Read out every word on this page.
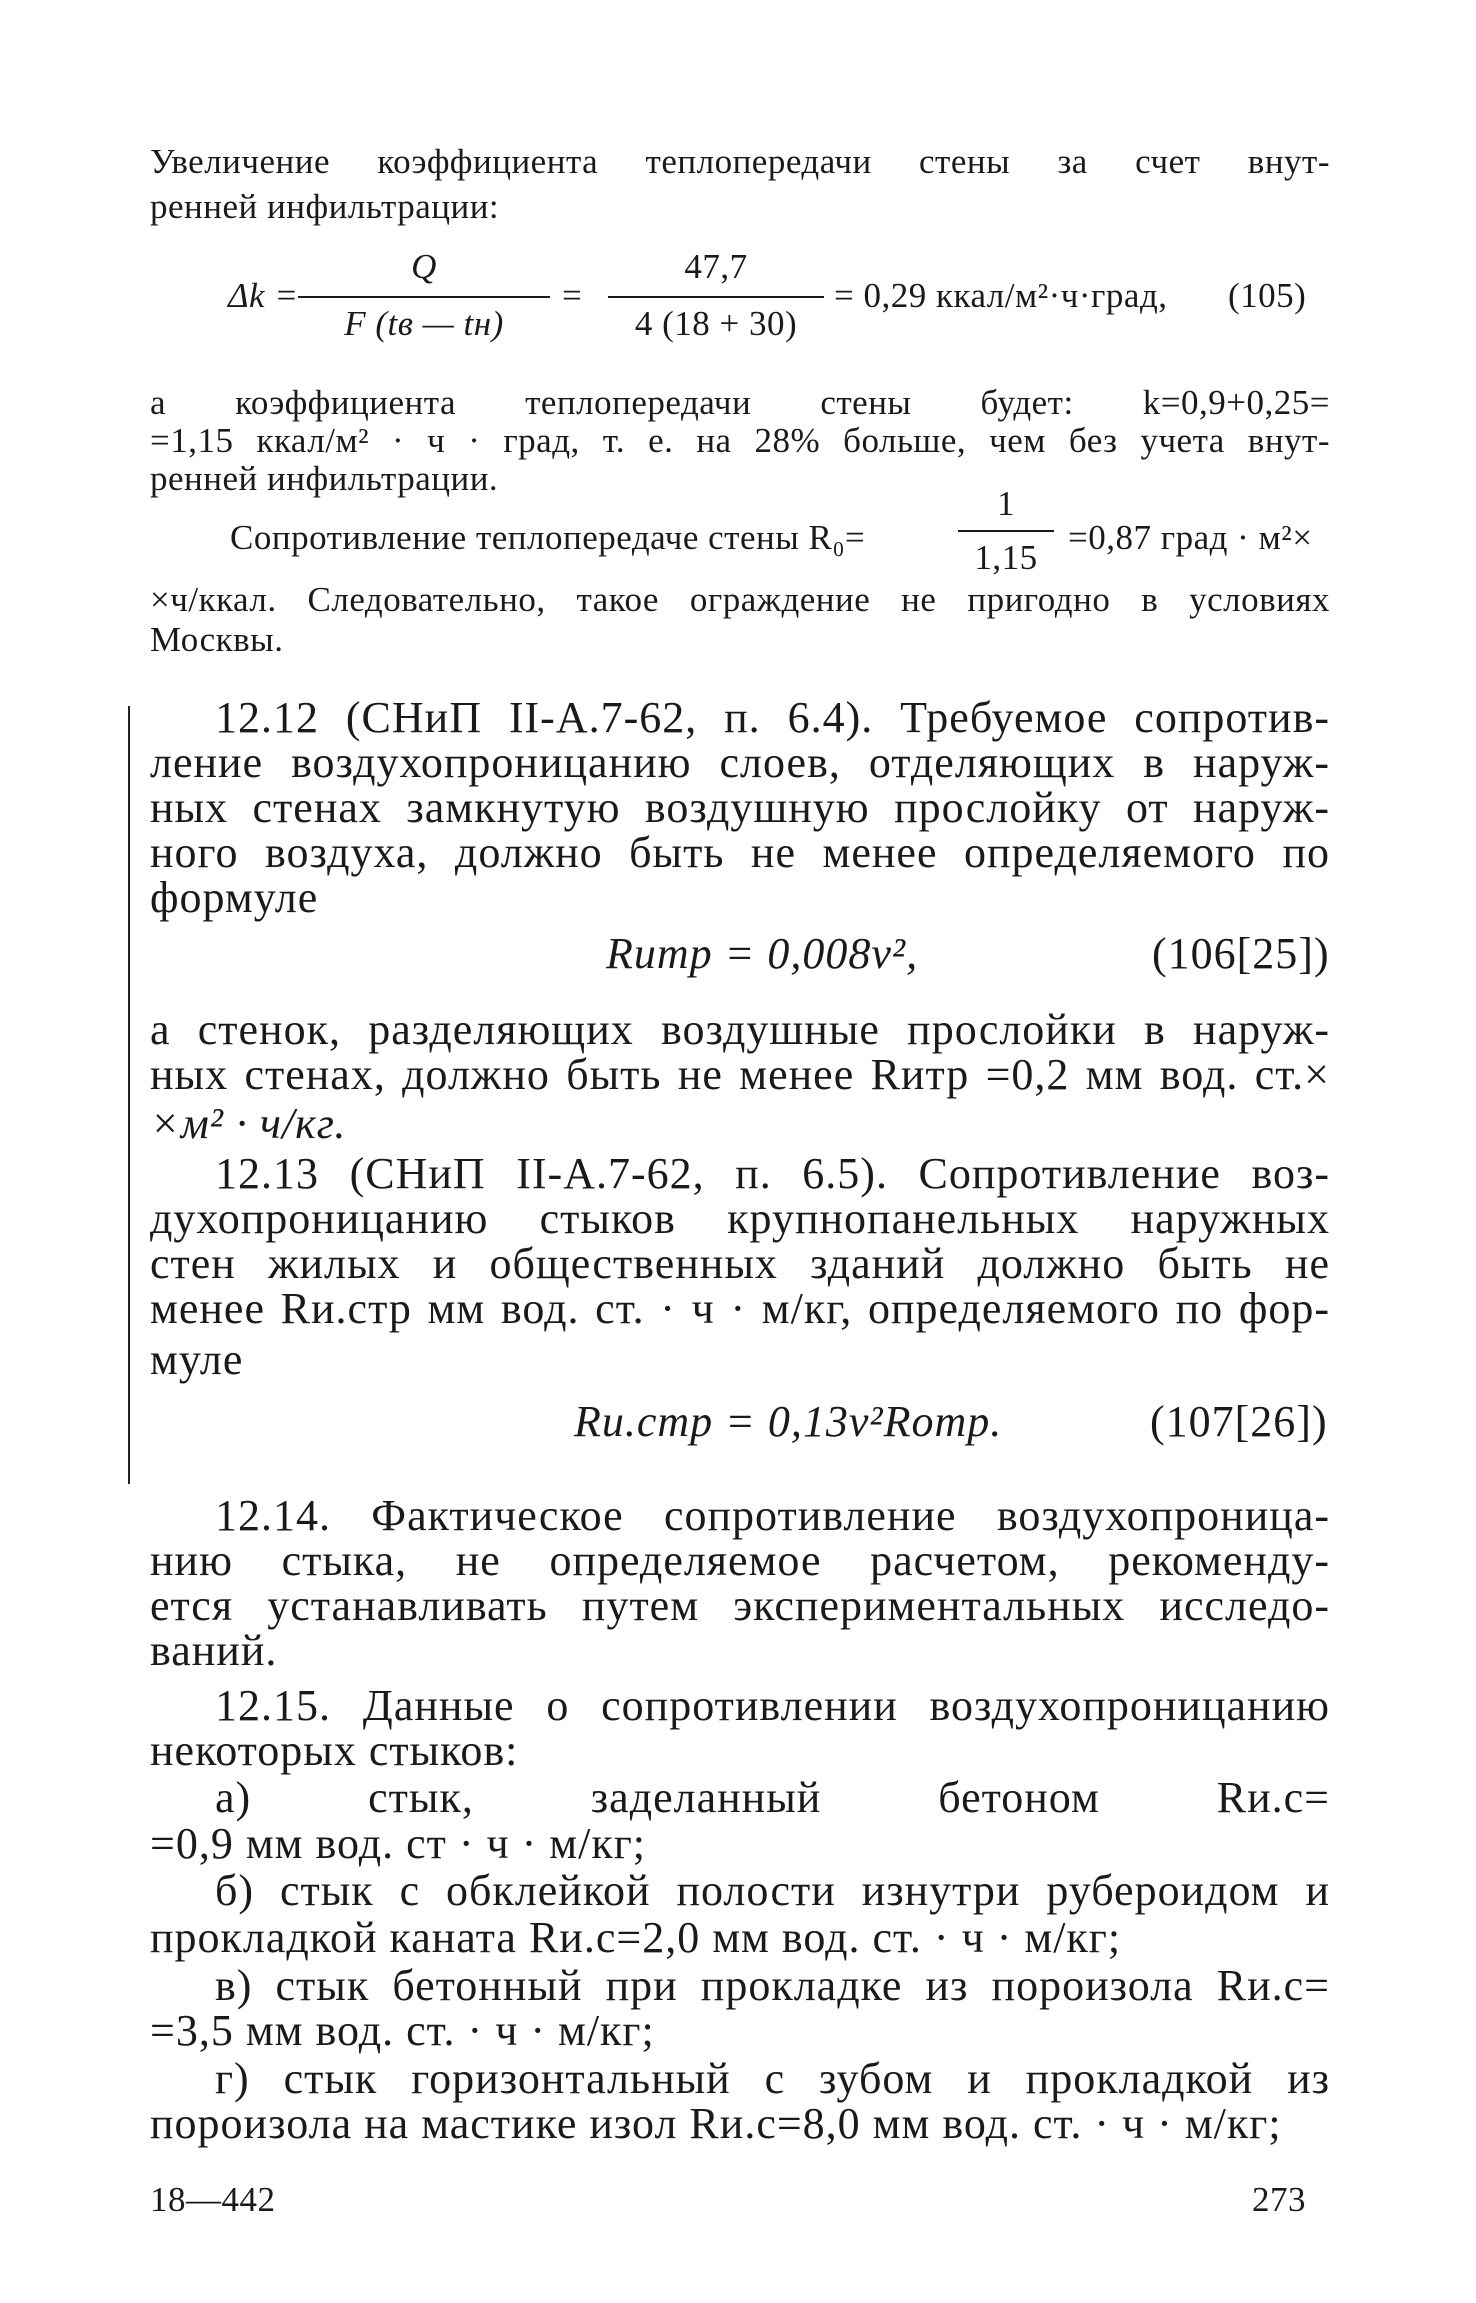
Увеличение коэффициента теплопередачи стены за счет внут-
ренней инфильтрации:
Δk =
Q
F (tв — tн)
=
47,7
4 (18 + 30)
= 0,29 ккал/м²·ч·град, (105)
а коэффициента теплопередачи стены будет: k=0,9+0,25=
=1,15 ккал/м² · ч · град, т. е. на 28% больше, чем без учета внут-
ренней инфильтрации.
Сопротивление теплопередаче стены R₀=
1
1,15
=0,87 град · м²×
×ч/ккал. Следовательно, такое ограждение не пригодно в условиях
Москвы.
12.12 (СНиП II-А.7-62, п. 6.4). Требуемое сопротив-
ление воздухопроницанию слоев, отделяющих в наруж-
ных стенах замкнутую воздушную прослойку от наруж-
ного воздуха, должно быть не менее определяемого по
формуле
Rитр = 0,008v²,	(106[25])
а стенок, разделяющих воздушные прослойки в наруж-
ных стенах, должно быть не менее Rитр =0,2 мм вод. ст.×
×м² · ч/кг.
12.13 (СНиП II-А.7-62, п. 6.5). Сопротивление воз-
духопроницанию стыков крупнопанельных наружных
стен жилых и общественных зданий должно быть не
менее Rи.стр мм вод. ст. · ч · м/кг, определяемого по фор-
муле
Rи.стр = 0,13v²Rотр.	(107[26])
12.14. Фактическое сопротивление воздухопроница-
нию стыка, не определяемое расчетом, рекоменду-
ется устанавливать путем экспериментальных исследо-
ваний.
12.15. Данные о сопротивлении воздухопроницанию
некоторых стыков:
а) стык, заделанный бетоном Rи.с=
=0,9 мм вод. ст · ч · м/кг;
б) стык с обклейкой полости изнутри рубероидом и
прокладкой каната Rи.с=2,0 мм вод. ст. · ч · м/кг;
в) стык бетонный при прокладке из пороизола Rи.с=
=3,5 мм вод. ст. · ч · м/кг;
г) стык горизонтальный с зубом и прокладкой из
пороизола на мастике изол Rи.с=8,0 мм вод. ст. · ч · м/кг;
18—442	273
